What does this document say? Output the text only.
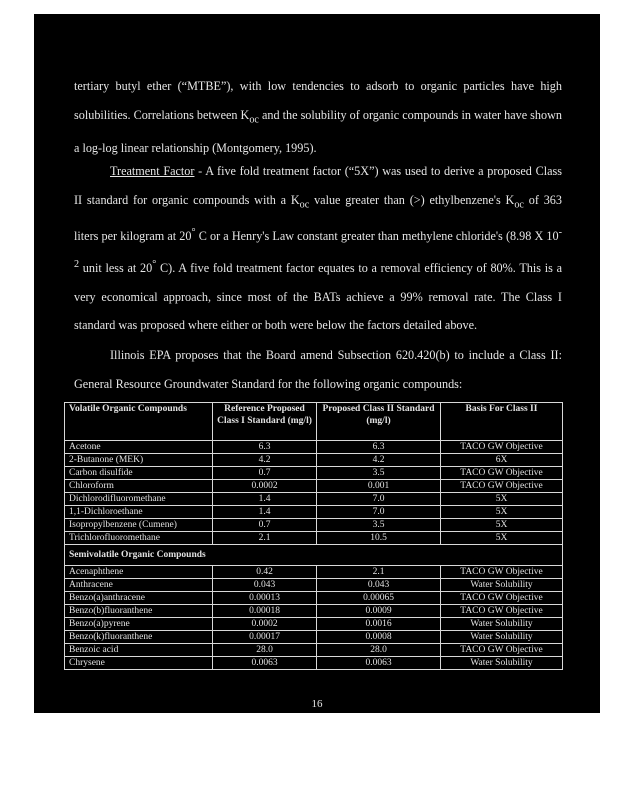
tertiary butyl ether (“MTBE”), with low tendencies to adsorb to organic particles have high solubilities. Correlations between $K_{oc}$ and the solubility of organic compounds in water have shown a log-log linear relationship (Montgomery, 1995).

Treatment Factor - A five fold treatment factor (“5X”) was used to derive a proposed Class II standard for organic compounds with a $K_{oc}$ value greater than (>) ethylbenzene's $K_{oc}$ of 363 liters per kilogram at 20° C or a Henry's Law constant greater than methylene chloride's (8.98 X $10^{-2}$ unit less at 20° C). A five fold treatment factor equates to a removal efficiency of 80%. This is a very economical approach, since most of the BATs achieve a 99% removal rate. The Class I standard was proposed where either or both were below the factors detailed above.

Illinois EPA proposes that the Board amend Subsection 620.420(b) to include a Class II: General Resource Groundwater Standard for the following organic compounds:

Volatile Organic Compounds	Reference Proposed Class I Standard (mg/l)	Proposed Class II Standard (mg/l)	Basis For Class II
Acetone	6.3	6.3	TACO GW Objective
2-Butanone (MEK)	4.2	4.2	6X
Carbon disulfide	0.7	3.5	TACO GW Objective
Chloroform	0.0002	0.001	TACO GW Objective
Dichlorodifluoromethane	1.4	7.0	5X
1,1-Dichloroethane	1.4	7.0	5X
Isopropylbenzene (Cumene)	0.7	3.5	5X
Trichlorofluoromethane	2.1	10.5	5X
Semivolatile Organic Compounds			
Acenaphthene	0.42	2.1	TACO GW Objective
Anthracene	0.043	0.043	Water Solubility
Benzo(a)anthracene	0.00013	0.00065	TACO GW Objective
Benzo(b)fluoranthene	0.00018	0.0009	TACO GW Objective
Benzo(a)pyrene	0.0002	0.0016	Water Solubility
Benzo(k)fluoranthene	0.00017	0.0008	Water Solubility
Benzoic acid	28.0	28.0	TACO GW Objective
Chrysene	0.0063	0.0063	Water Solubility
16
